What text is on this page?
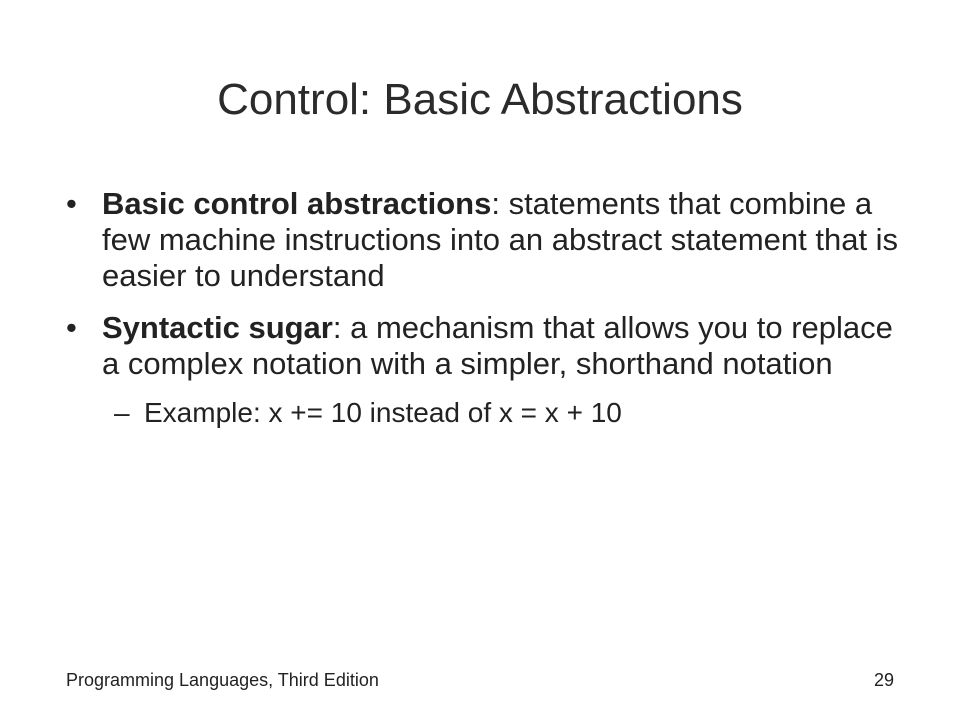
Control: Basic Abstractions
• Basic control abstractions: statements that combine a few machine instructions into an abstract statement that is easier to understand
• Syntactic sugar: a mechanism that allows you to replace a complex notation with a simpler, shorthand notation
– Example: x += 10 instead of x = x + 10
Programming Languages, Third Edition	29
